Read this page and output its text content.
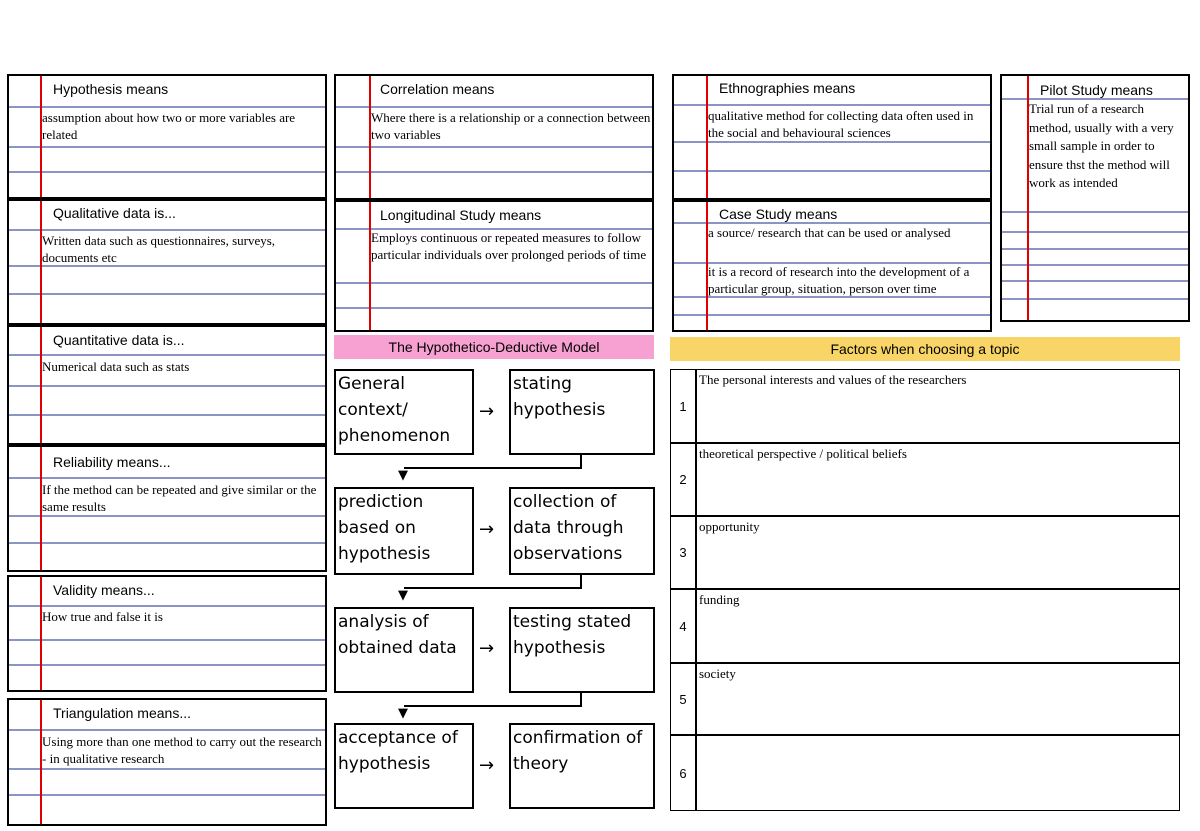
Hypothesis means
assumption about how two or more variables are related
Qualitative data is...
Written data such as questionnaires, surveys, documents etc
Quantitative data is...
Numerical data such as stats
Reliability means...
If the method can be repeated and give similar or the same results
Validity means...
How true and false it is
Triangulation means...
Using more than one method to carry out the research - in qualitative research
Correlation means
Where there is a relationship or a connection between two variables
Longitudinal Study means
Employs continuous or repeated measures to follow particular individuals over prolonged periods of time
The Hypothetico-Deductive Model
General context/ phenomenon
stating hypothesis
prediction based on hypothesis
collection of data through observations
analysis of obtained data
testing stated hypothesis
acceptance of hypothesis
confirmation of theory
→
→
→
→
▼
▼
▼
Ethnographies means
qualitative method for collecting data often used in the social and behavioural sciences
Case Study means
a source/ research that can be used or analysed
it is a record of research into the development of a particular group, situation, person over time
Pilot Study means
Trial run of a research method, usually with a very small sample in order to ensure thst the method will work as intended
Factors when choosing a topic
1
The personal interests and values of the researchers
2
theoretical perspective / political beliefs
3
opportunity
4
funding
5
society
6
